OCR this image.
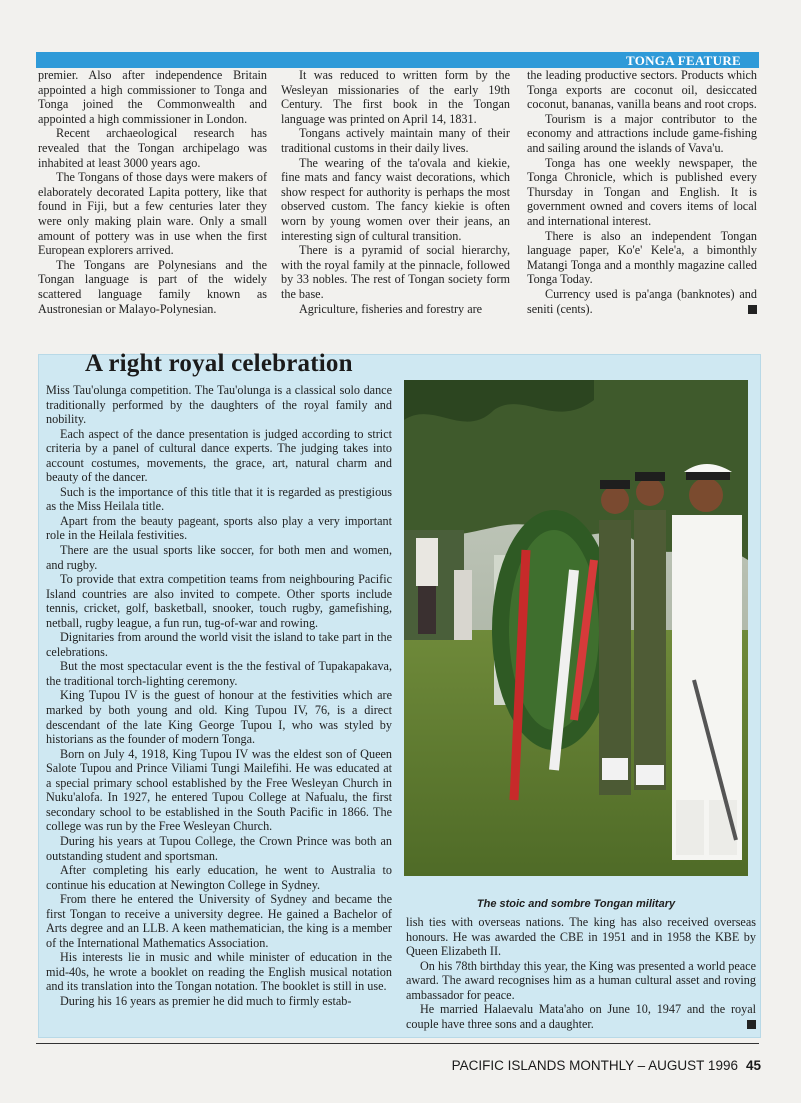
TONGA FEATURE

premier. Also after independence Britain appointed a high commissioner to Tonga and Tonga joined the Commonwealth and appointed a high commissioner in London.

Recent archaeological research has revealed that the Tongan archipelago was inhabited at least 3000 years ago.

The Tongans of those days were makers of elaborately decorated Lapita pottery, like that found in Fiji, but a few centuries later they were only making plain ware. Only a small amount of pottery was in use when the first European explorers arrived.

The Tongans are Polynesians and the Tongan language is part of the widely scattered language family known as Austronesian or Malayo-Polynesian.

It was reduced to written form by the Wesleyan missionaries of the early 19th Century. The first book in the Tongan language was printed on April 14, 1831.

Tongans actively maintain many of their traditional customs in their daily lives.

The wearing of the ta'ovala and kiekie, fine mats and fancy waist decorations, which show respect for authority is perhaps the most observed custom. The fancy kiekie is often worn by young women over their jeans, an interesting sign of cultural transition.

There is a pyramid of social hierarchy, with the royal family at the pinnacle, followed by 33 nobles. The rest of Tongan society form the base.

Agriculture, fisheries and forestry are

the leading productive sectors. Products which Tonga exports are coconut oil, desiccated coconut, bananas, vanilla beans and root crops.

Tourism is a major contributor to the economy and attractions include game-fishing and sailing around the islands of Vava'u.

Tonga has one weekly newspaper, the Tonga Chronicle, which is published every Thursday in Tongan and English. It is government owned and covers items of local and international interest.

There is also an independent Tongan language paper, Ko'e' Kele'a, a bimonthly Matangi Tonga and a monthly magazine called Tonga Today.

Currency used is pa'anga (banknotes) and seniti (cents).

A right royal celebration

Miss Tau'olunga competition. The Tau'olunga is a classical solo dance traditionally performed by the daughters of the royal family and nobility.

Each aspect of the dance presentation is judged according to strict criteria by a panel of cultural dance experts. The judging takes into account costumes, movements, the grace, art, natural charm and beauty of the dancer.

Such is the importance of this title that it is regarded as prestigious as the Miss Heilala title.

Apart from the beauty pageant, sports also play a very important role in the Heilala festivities.

There are the usual sports like soccer, for both men and women, and rugby.

To provide that extra competition teams from neighbouring Pacific Island countries are also invited to compete. Other sports include tennis, cricket, golf, basketball, snooker, touch rugby, gamefishing, netball, rugby league, a fun run, tug-of-war and rowing.

Dignitaries from around the world visit the island to take part in the celebrations.

But the most spectacular event is the the festival of Tupakapakava, the traditional torch-lighting ceremony.

King Tupou IV is the guest of honour at the festivities which are marked by both young and old. King Tupou IV, 76, is a direct descendant of the late King George Tupou I, who was styled by historians as the founder of modern Tonga.

Born on July 4, 1918, King Tupou IV was the eldest son of Queen Salote Tupou and Prince Viliami Tungi Mailefihi. He was educated at a special primary school established by the Free Wesleyan Church in Nuku'alofa. In 1927, he entered Tupou College at Nafualu, the first secondary school to be established in the South Pacific in 1866. The college was run by the Free Wesleyan Church.

During his years at Tupou College, the Crown Prince was both an outstanding student and sportsman.

After completing his early education, he went to Australia to continue his education at Newington College in Sydney.

From there he entered the University of Sydney and became the first Tongan to receive a university degree. He gained a Bachelor of Arts degree and an LLB. A keen mathematician, the king is a member of the International Mathematics Association.

His interests lie in music and while minister of education in the mid-40s, he wrote a booklet on reading the English musical notation and its translation into the Tongan notation. The booklet is still in use.

During his 16 years as premier he did much to firmly estab-

The stoic and sombre Tongan military

lish ties with overseas nations. The king has also received overseas honours. He was awarded the CBE in 1951 and in 1958 the KBE by Queen Elizabeth II.

On his 78th birthday this year, the King was presented a world peace award. The award recognises him as a human cultural asset and roving ambassador for peace.

He married Halaevalu Mata'aho on June 10, 1947 and the royal couple have three sons and a daughter.

PACIFIC ISLANDS MONTHLY – AUGUST 1996 45
